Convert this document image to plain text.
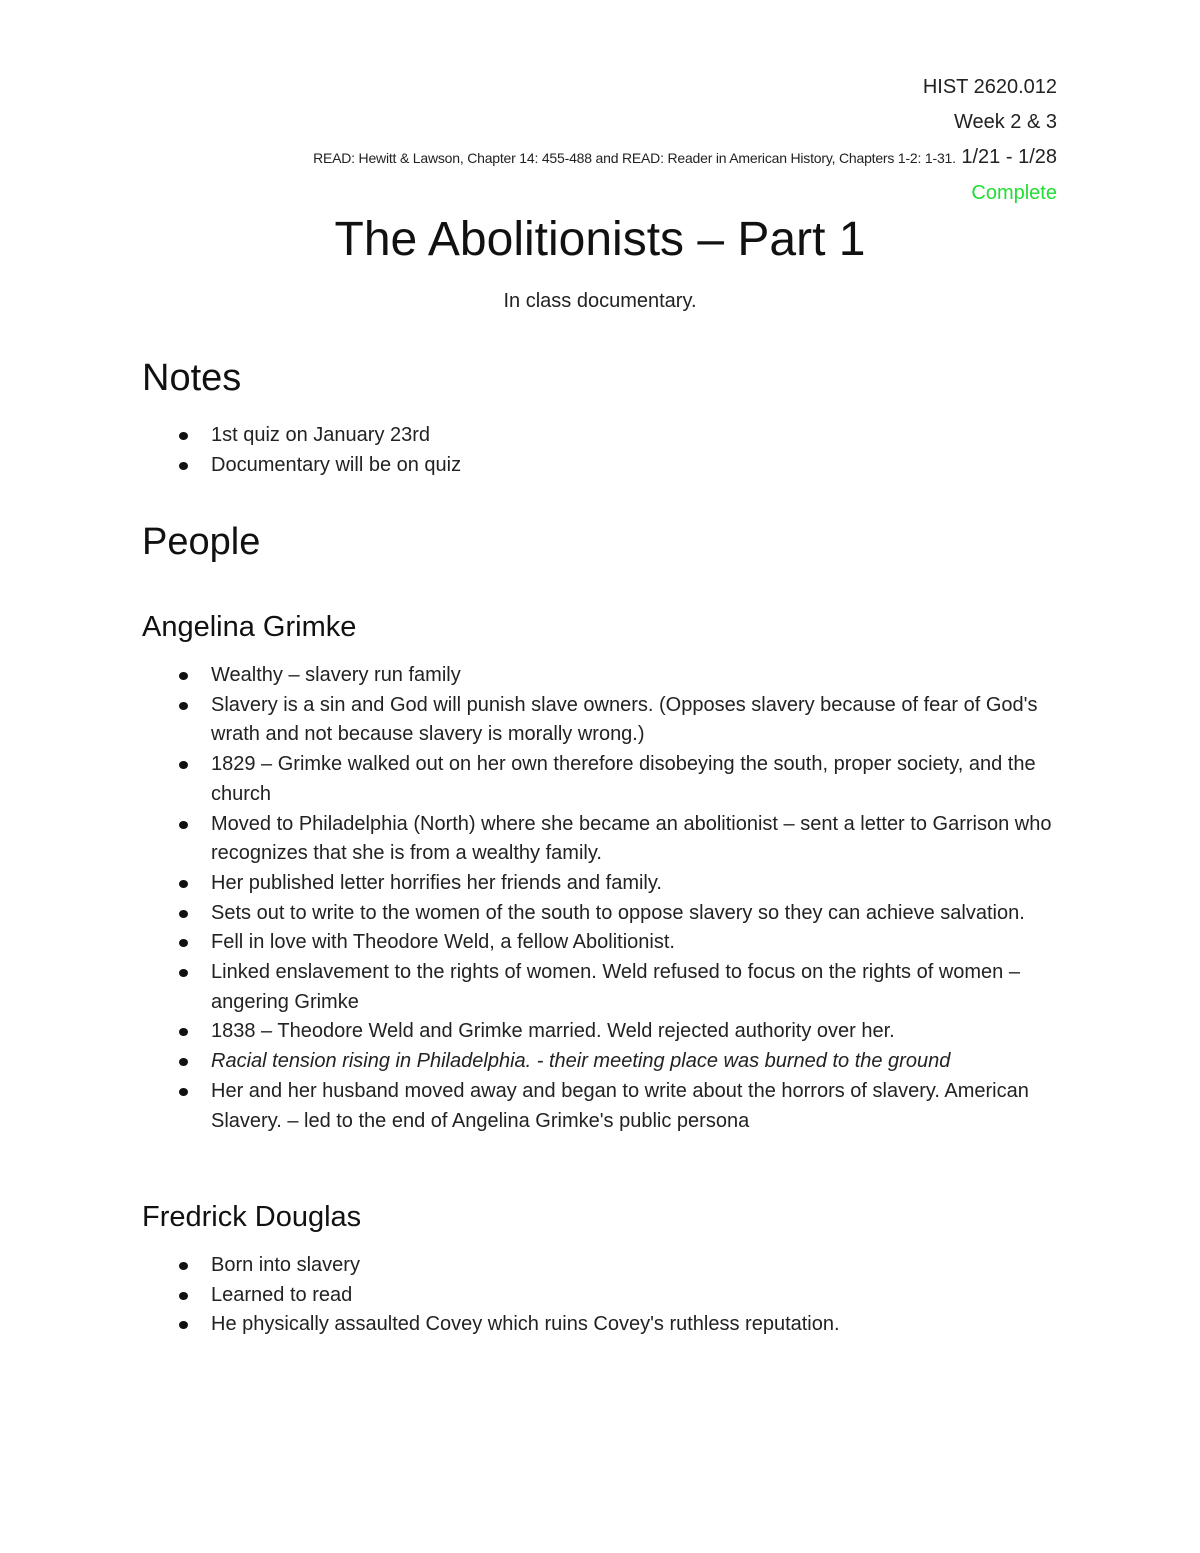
HIST 2620.012
Week 2 & 3
READ: Hewitt & Lawson, Chapter 14: 455-488 and READ: Reader in American History, Chapters 1-2: 1-31. 1/21 - 1/28
Complete
The Abolitionists – Part 1

In class documentary.

Notes
1st quiz on January 23rd
Documentary will be on quiz
People
Angelina Grimke
Wealthy – slavery run family
Slavery is a sin and God will punish slave owners. (Opposes slavery because of fear of God's wrath and not because slavery is morally wrong.)
1829 – Grimke walked out on her own therefore disobeying the south, proper society, and the church
Moved to Philadelphia (North) where she became an abolitionist – sent a letter to Garrison who recognizes that she is from a wealthy family.
Her published letter horrifies her friends and family.
Sets out to write to the women of the south to oppose slavery so they can achieve salvation.
Fell in love with Theodore Weld, a fellow Abolitionist.
Linked enslavement to the rights of women. Weld refused to focus on the rights of women – angering Grimke
1838 – Theodore Weld and Grimke married. Weld rejected authority over her.
Racial tension rising in Philadelphia. - their meeting place was burned to the ground
Her and her husband moved away and began to write about the horrors of slavery. American Slavery. – led to the end of Angelina Grimke's public persona
Fredrick Douglas
Born into slavery
Learned to read
He physically assaulted Covey which ruins Covey's ruthless reputation.
